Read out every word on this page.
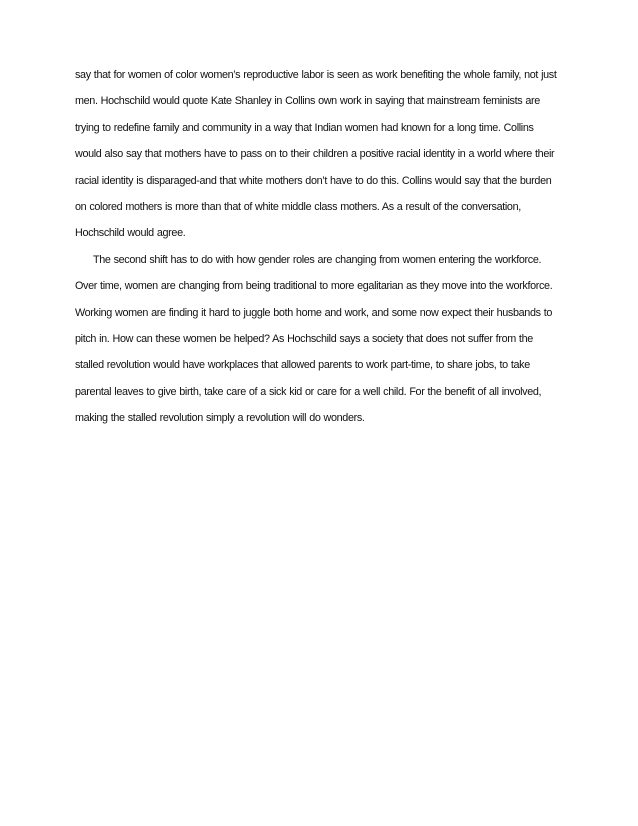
say that for women of color women’s reproductive labor is seen as work benefiting the whole family, not just
men. Hochschild would quote Kate Shanley in Collins own work in saying that mainstream feminists are
trying to redefine family and community in a way that Indian women had known for a long time. Collins
would also say that mothers have to pass on to their children a positive racial identity in a world where their
racial identity is disparaged-and that white mothers don’t have to do this. Collins would say that the burden
on colored mothers is more than that of white middle class mothers. As a result of the conversation,
Hochschild would agree.
The second shift has to do with how gender roles are changing from women entering the workforce.
Over time, women are changing from being traditional to more egalitarian as they move into the workforce.
Working women are finding it hard to juggle both home and work, and some now expect their husbands to
pitch in. How can these women be helped? As Hochschild says a society that does not suffer from the
stalled revolution would have workplaces that allowed parents to work part-time, to share jobs, to take
parental leaves to give birth, take care of a sick kid or care for a well child. For the benefit of all involved,
making the stalled revolution simply a revolution will do wonders.
